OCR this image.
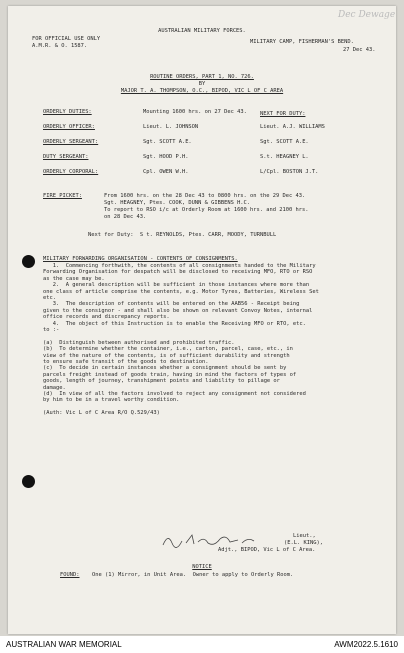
Dec Dewage
AUSTRALIAN MILITARY FORCES.
FOR OFFICIAL USE ONLY
A.M.R. & O. 1587.
MILITARY CAMP, FISHERMAN'S BEND.
27 Dec 43.
ROUTINE ORDERS, PART 1, NO. 726.
BY
MAJOR T. A. THOMPSON, O.C., BIPOD, VIC L OF C AREA
NEXT FOR DUTY:
ORDERLY DUTIES:	Mounting 1600 hrs. on 27 Dec 43.
ORDERLY OFFICER:	Lieut. L. JOHNSON	Lieut. A.J. WILLIAMS
ORDERLY SERGEANT:	Sgt. SCOTT A.E.	Sgt. SCOTT A.E.
DUTY SERGEANT:	Sgt. HOOD P.H.	S.t. HEAGNEY L.
ORDERLY CORPORAL:	Cpl. OWEN W.H.	L/Cpl. BOSTON J.T.
FIRE PICKET:	From 1600 hrs. on the 28 Dec 43 to 0800 hrs. on the 29 Dec 43.
Sgt. HEAGNEY, Ptes. COOK, DUNN & GIBBENS H.C.
To report to RSO i/c at Orderly Room at 1600 hrs. and 2100 hrs.
on 28 Dec 43.
Next for Duty:  S t. REYNOLDS, Ptes. CARR, MOODY, TURNBULL
MILITARY FORWARDING ORGANISATION - CONTENTS OF CONSIGNMENTS.
1.  Commencing forthwith, the contents of all consignments handed to the Military
Forwarding Organisation for despatch will be disclosed to receiving MFO, RTO or RSO
as the case may be.
2.  A general description will be sufficient in those instances where more than
one class of article comprise the contents, e.g. Motor Tyres, Batteries, Wireless Set
etc.
3.  The description of contents will be entered on the AAB56 - Receipt being
given to the consignor - and shall also be shown on relevant Convoy Notes, internal
office records and discrepancy reports.
4.  The object of this Instruction is to enable the Receiving MFO or RTO, etc.
to :-
(a)  Distinguish between authorised and prohibited traffic.
(b)  To determine whether the container, i.e., carton, parcel, case, etc., in
view of the nature of the contents, is of sufficient durability and strength
to ensure safe transit of the goods to destination.
(c)  To decide in certain instances whether a consignment should be sent by
parcels freight instead of goods train, having in mind the factors of types of
goods, length of journey, transhipment points and liability to pillage or
damage.
(d)  In view of all the factors involved to reject any consignment not considered
by him to be in a travel worthy condition.
(Auth: Vic L of C Area R/O Q.529/43)
Lieut.,
(E.L. KING),
Adjt., BIPOD, Vic L of C Area.
NOTICE
FOUND: One (1) Mirror, in Unit Area.  Owner to apply to Orderly Room.
AUSTRALIAN WAR MEMORIAL	AWM2022.5.1610
